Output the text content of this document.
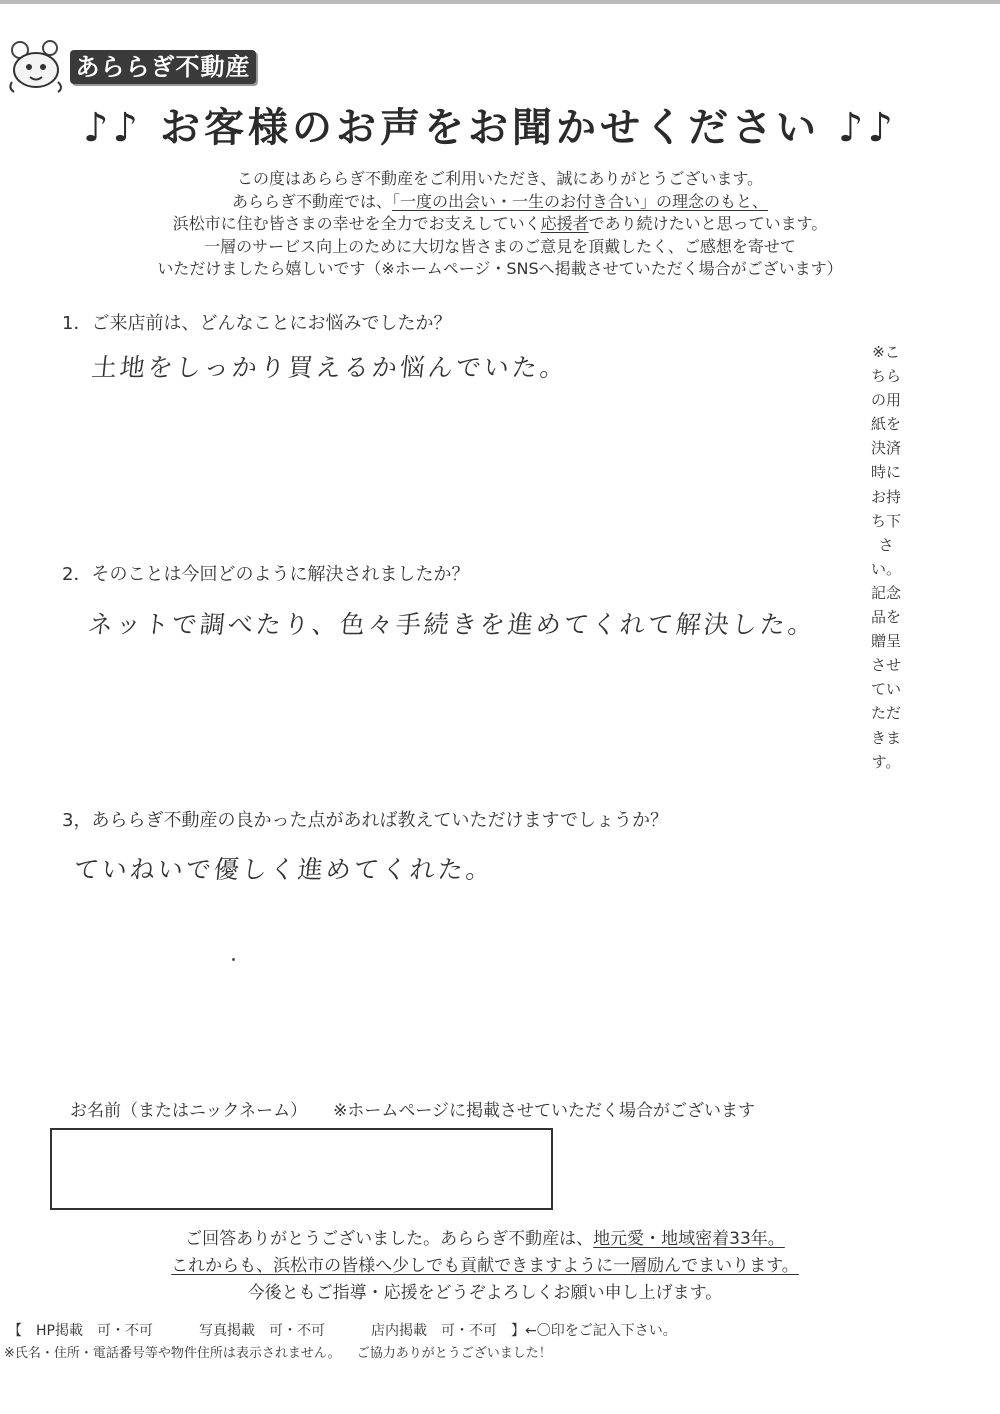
あららぎ不動産
♪♪ お客様のお声をお聞かせください ♪♪
この度はあららぎ不動産をご利用いただき、誠にありがとうございます。
あららぎ不動産では、「一度の出会い・一生のお付き合い」の理念のもと、
浜松市に住む皆さまの幸せを全力でお支えしていく応援者であり続けたいと思っています。
一層のサービス向上のために大切な皆さまのご意見を頂戴したく、ご感想を寄せて
いただけましたら嬉しいです（※ホームページ・SNSへ掲載させていただく場合がございます）
1．ご来店前は、どんなことにお悩みでしたか？
土地をしっかり買えるか悩んでいた。
2．そのことは今回どのように解決されましたか？
ネットで調べたり、色々手続きを進めてくれて解決した。
3，あららぎ不動産の良かった点があれば教えていただけますでしょうか？
ていねいで優しく進めてくれた。
※こちらの用紙を決済時にお持ち下さい。記念品を贈呈させていただきます。
お名前（またはニックネーム） ※ホームページに掲載させていただく場合がございます
ご回答ありがとうございました。あららぎ不動産は、地元愛・地域密着33年。
これからも、浜松市の皆様へ少しでも貢献できますように一層励んでまいります。
今後ともご指導・応援をどうぞよろしくお願い申し上げます。
【　HP掲載　可・不可	写真掲載　可・不可	店内掲載　可・不可　】←〇印をご記入下さい。
※氏名・住所・電話番号等や物件住所は表示されません。 ご協力ありがとうございました！
